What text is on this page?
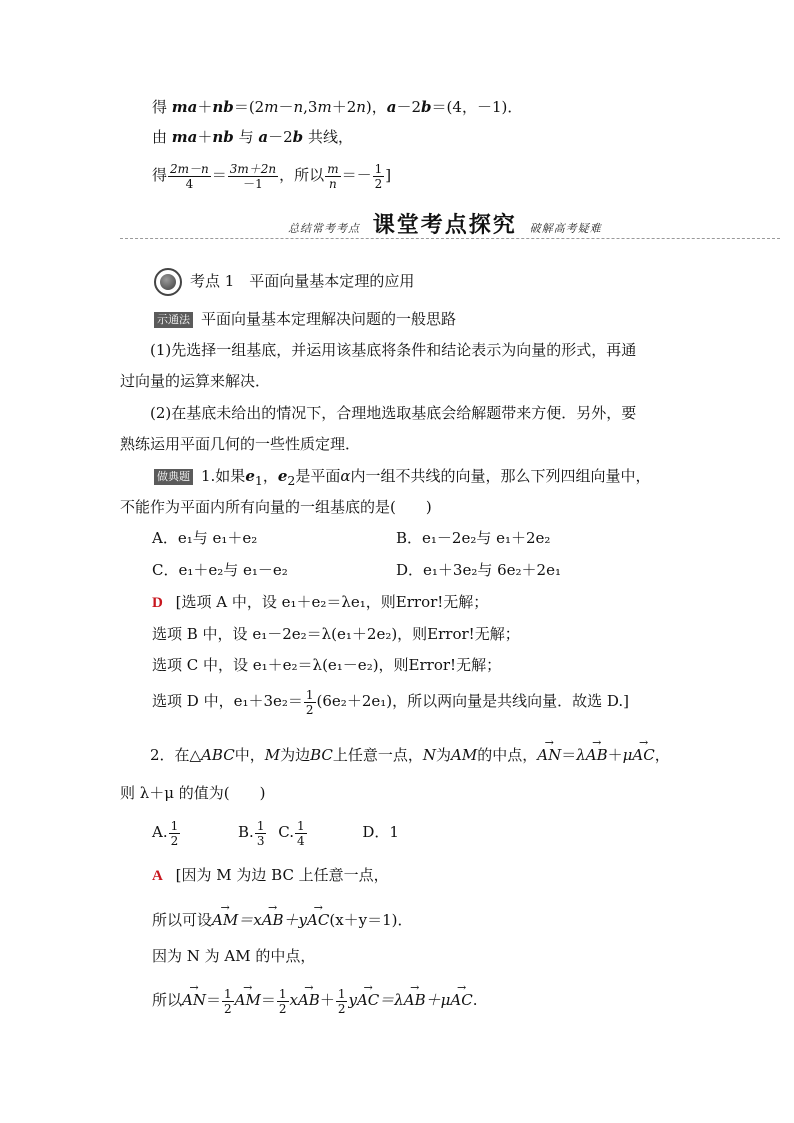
得 ma＋nb＝(2m－n,3m＋2n)，a－2b＝(4，－1)．
由 ma＋nb 与 a－2b 共线，
得 $\frac{2m-n}{4} = \frac{3m+2n}{-1}$ ，所以 $\frac{m}{n} =- \frac{1}{2}$ ]
总结常考考点 课堂考点探究 破解高考疑难
考点 1　平面向量基本定理的应用
示通法 平面向量基本定理解决问题的一般思路
(1)先选择一组基底，并运用该基底将条件和结论表示为向量的形式，再通
过向量的运算来解决．
(2)在基底未给出的情况下，合理地选取基底会给解题带来方便．另外，要
熟练运用平面几何的一些性质定理．
做典题 1.如果$e_1$，$e_2$是平面α内一组不共线的向量，那么下列四组向量中，
不能作为平面内所有向量的一组基底的是(　　)
A．e₁与 e₁＋e₂	B．e₁－2e₂与 e₁＋2e₂
C．e₁＋e₂与 e₁－e₂	D．e₁＋3e₂与 6e₂＋2e₁
D [选项 A 中，设 e₁＋e₂＝λe₁，则Error!无解；
选项 B 中，设 e₁－2e₂＝λ(e₁＋2e₂)，则Error!无解；
选项 C 中，设 e₁＋e₂＝λ(e₁－e₂)，则Error!无解；
选项 D 中，$e_1+3e_2= \frac{1}{2} (6e_2+2e_1)$，所以两向量是共线向量．故选 D.]
2．在△ABC中，M为边BC上任意一点，N为AM的中点，→ AN＝λ→ AB＋μ→ AC，
则 λ＋μ 的值为(　　)
A. $\frac{1}{2}$	B. $\frac{1}{3} C$. $\frac{1}{4}$	D．1
A [因为 M 为边 BC 上任意一点，
所以可设→ AM＝x→ AB＋y→ AC(x＋y＝1)．
因为 N 为 AM 的中点，
所以→ $AN= \frac{1}{2}$
→ $AM= \frac{1}{2} x\to AB+ \frac{1}{2} y\to AC=\lambda\to AB+\mu\to$ AC.
